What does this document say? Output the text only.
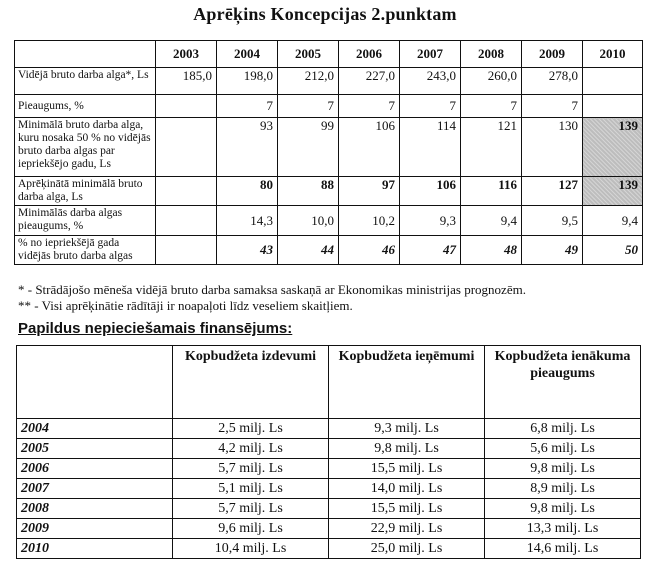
Aprēķins Koncepcijas 2.punktam
	2003	2004	2005	2006	2007	2008	2009	2010
Vidējā bruto darba alga*, Ls	185,0	198,0	212,0	227,0	243,0	260,0	278,0	
Pieaugums, %		7	7	7	7	7	7	
Minimālā bruto darba alga, kuru nosaka 50 % no vidējās bruto darba algas par iepriekšējo gadu, Ls		93	99	106	114	121	130	139
Aprēķinātā minimālā bruto darba alga, Ls		80	88	97	106	116	127	139
Minimālās darba algas pieaugums, %		14,3	10,0	10,2	9,3	9,4	9,5	9,4
% no iepriekšējā gada vidējās bruto darba algas		43	44	46	47	48	49	50
* - Strādājošo mēneša vidējā bruto darba samaksa saskaņā ar Ekonomikas ministrijas prognozēm.
** - Visi aprēķinātie rādītāji ir noapaļoti līdz veseliem skaitļiem.
Papildus nepieciešamais finansējums:
	Kopbudžeta izdevumi	Kopbudžeta ieņēmumi	Kopbudžeta ienākuma pieaugums
2004	2,5 milj. Ls	9,3 milj. Ls	6,8 milj. Ls
2005	4,2 milj. Ls	9,8 milj. Ls	5,6 milj. Ls
2006	5,7 milj. Ls	15,5 milj. Ls	9,8 milj. Ls
2007	5,1 milj. Ls	14,0 milj. Ls	8,9 milj. Ls
2008	5,7 milj. Ls	15,5 milj. Ls	9,8 milj. Ls
2009	9,6 milj. Ls	22,9 milj. Ls	13,3 milj. Ls
2010	10,4 milj. Ls	25,0 milj. Ls	14,6 milj. Ls
